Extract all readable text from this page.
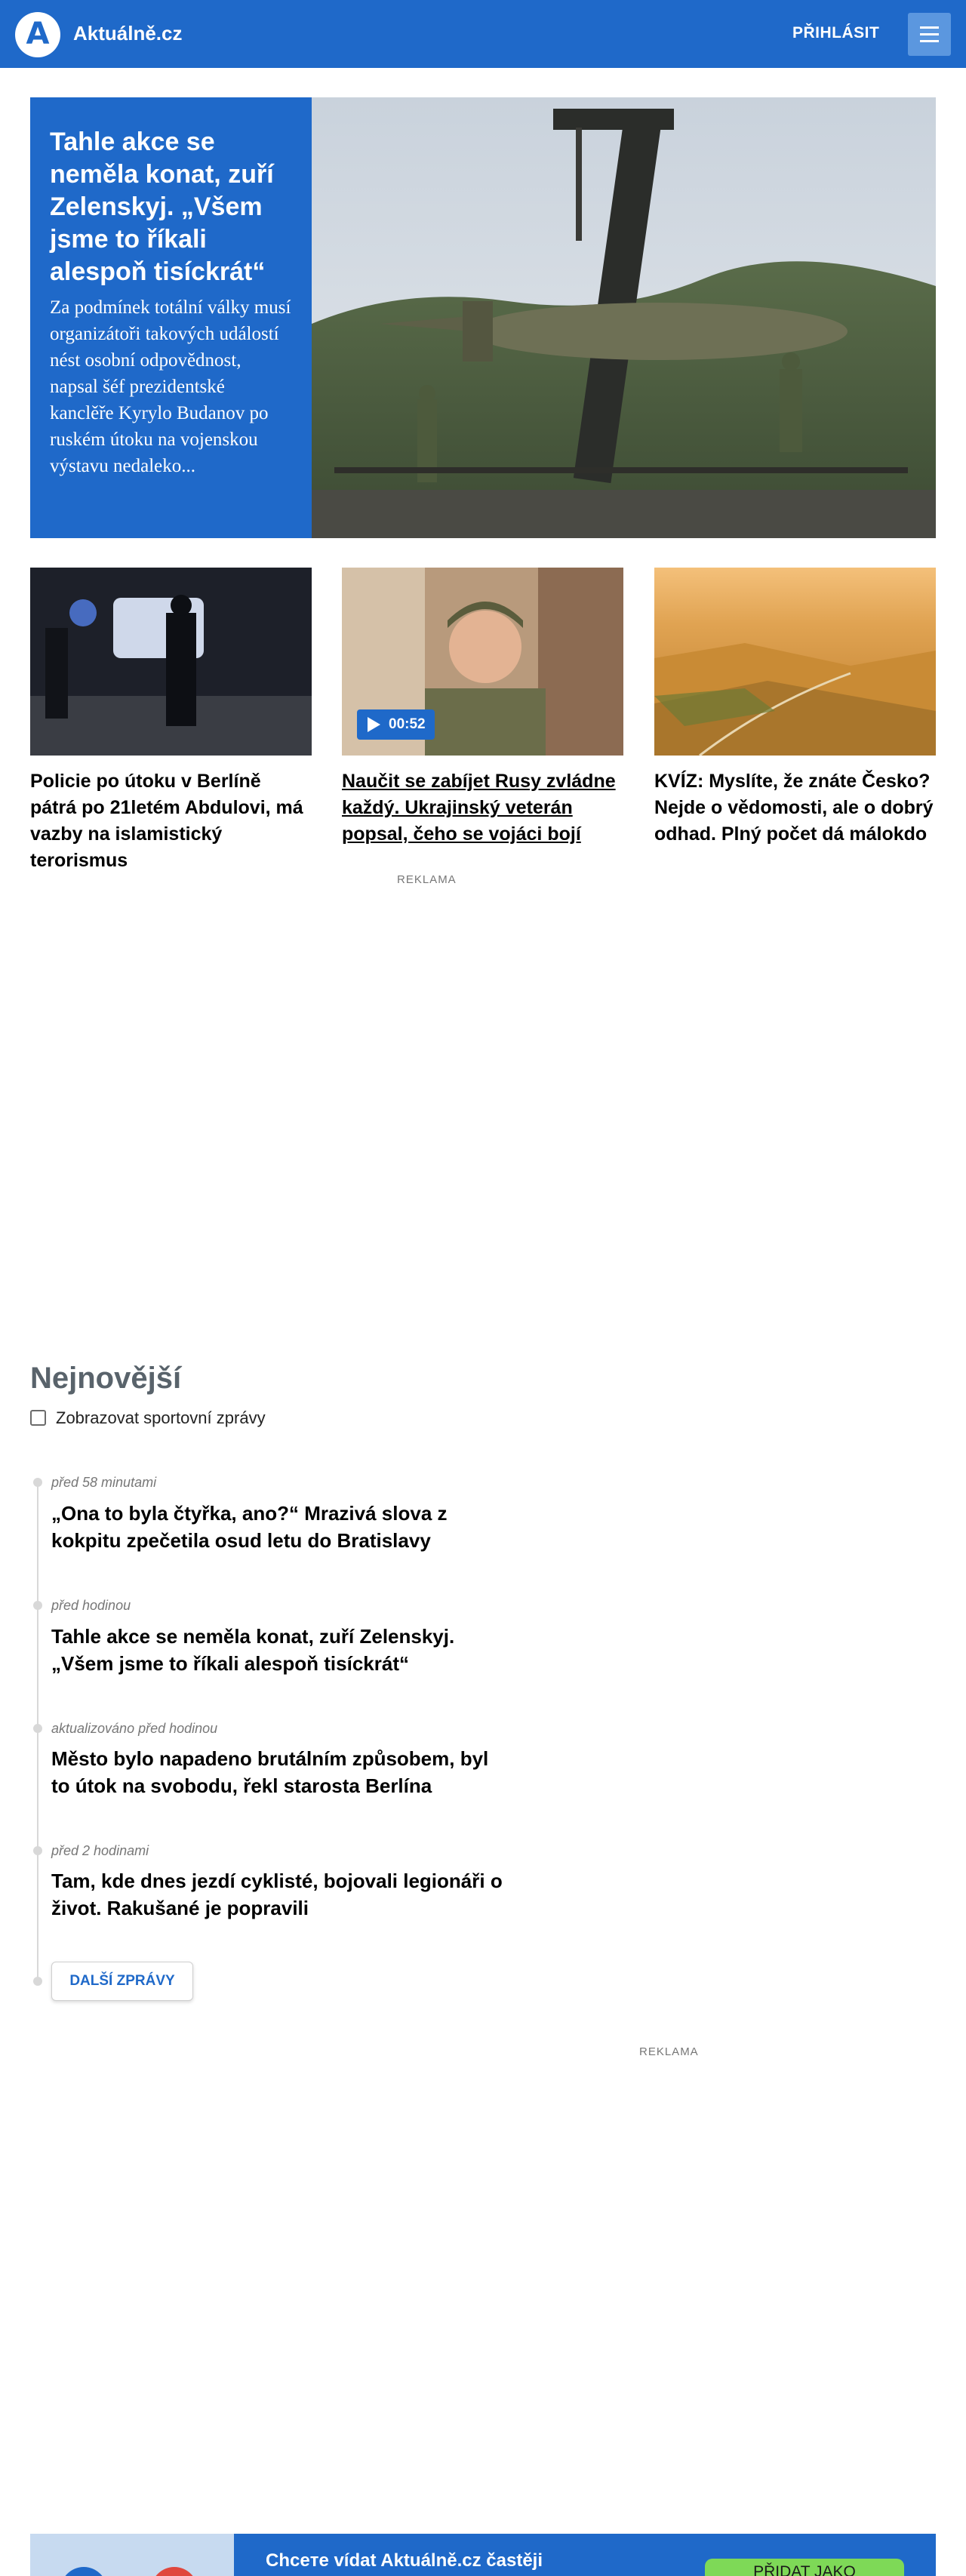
A	Aktuálně.cz	PŘIHLÁSIT
Tahle akce se neměla konat, zuří Zelenskyj. „Všem jsme to říkali alespoň tisíckrát“
Za podmínek totální války musí organizátoři takových událostí nést osobní odpovědnost, napsal šéf prezidentské kanclěře Kyrylo Budanov po ruském útoku na vojenskou výstavu nedaleko...
Policie po útoku v Berlíně pátrá po 21letém Abdulovi, má vazby na islamistický terorismus
00:52
Naučit se zabíjet Rusy zvládne každý. Ukrajinský veterán popsal, čeho se vojáci bojí
KVÍZ: Myslíte, že znáte Česko? Nejde o vědomosti, ale o dobrý odhad. Plný počet dá málokdo
REKLAMA
Nejnovější
Zobrazovat sportovní zprávy
před 58 minutami
„Ona to byla čtyřka, ano?“ Mrazivá slova z kokpitu zpečetila osud letu do Bratislavy
před hodinou
Tahle akce se neměla konat, zuří Zelenskyj. „Všem jsme to říkali alespoň tisíckrát“
aktualizováno před hodinou
Město bylo napadeno brutálním způsobem, byl to útok na svobodu, řekl starosta Berlína
před 2 hodinami
Tam, kde dnes jezdí cyklisté, bojovali legionáři o život. Rakušané je popravili
DALŠÍ ZPRÁVY
REKLAMA
Chceте vídat Aktuálně.cz častěji
PŘIDAT JAKO
